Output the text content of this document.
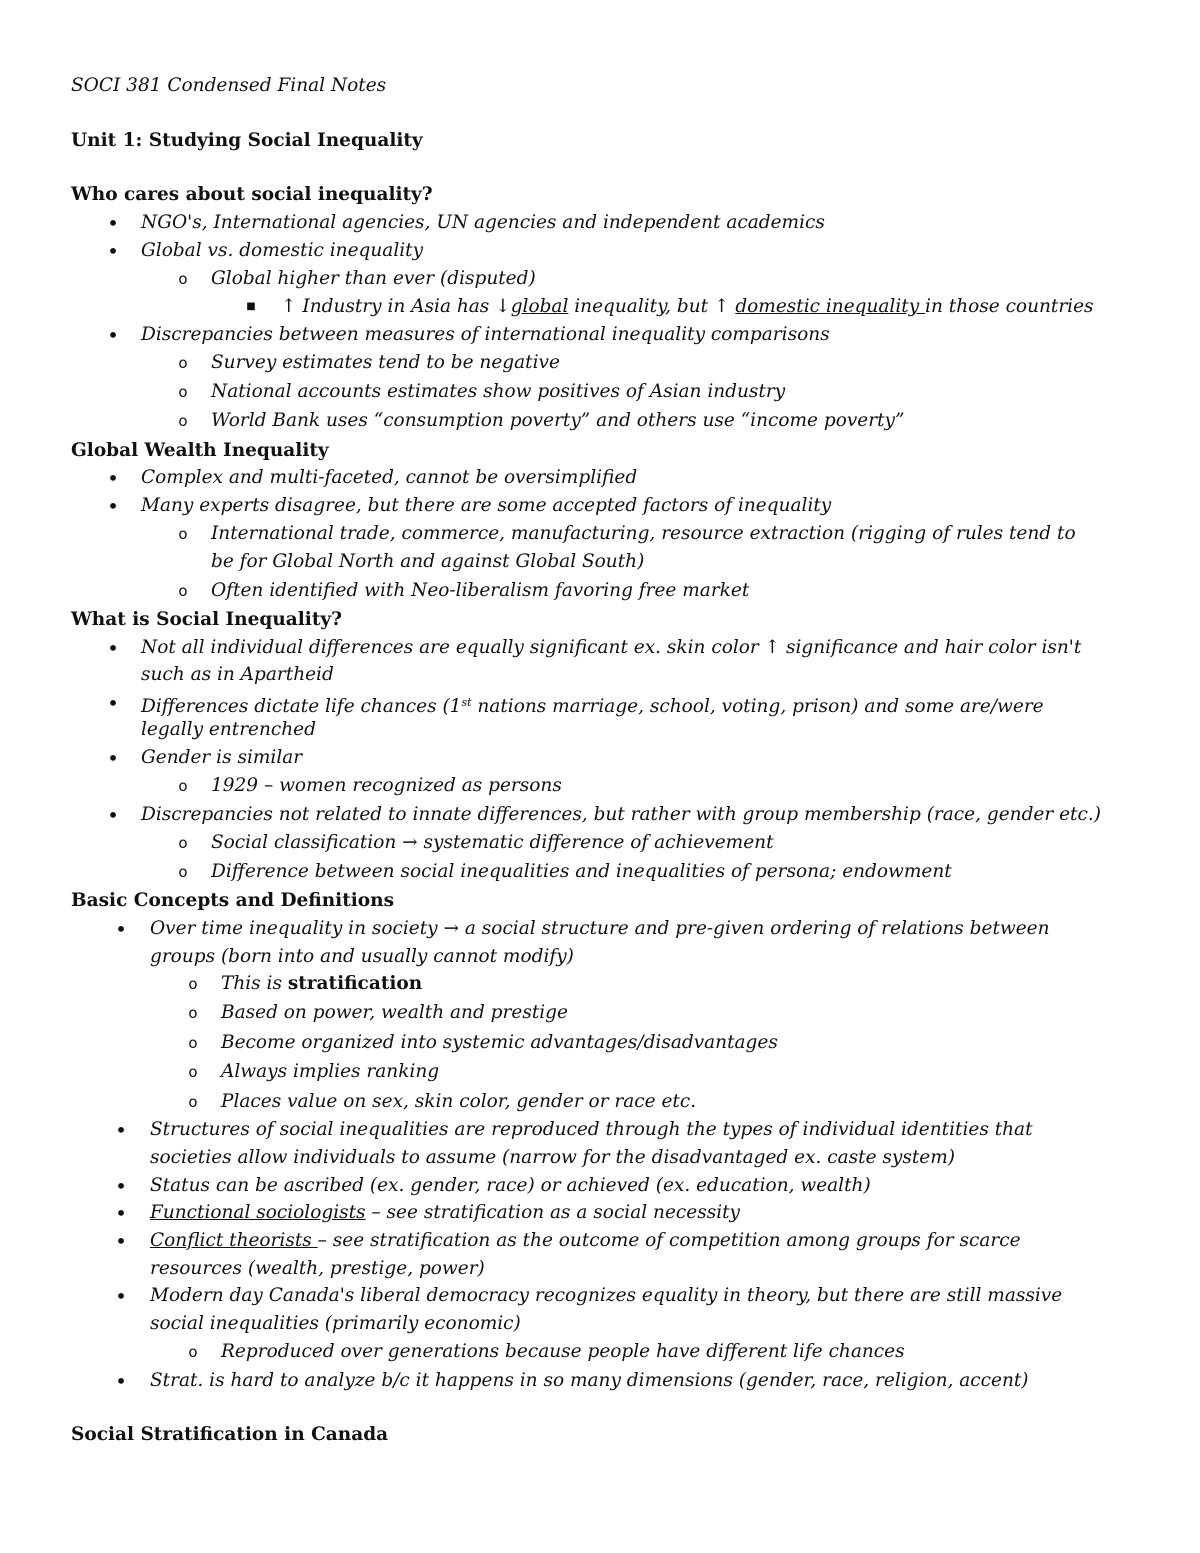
SOCI 381 Condensed Final Notes
Unit 1: Studying Social Inequality
Who cares about social inequality?
• NGO's, International agencies, UN agencies and independent academics
• Global vs. domestic inequality
o Global higher than ever (disputed)
■ ↑ Industry in Asia has ↓global inequality, but ↑ domestic inequality in those countries
• Discrepancies between measures of international inequality comparisons
o Survey estimates tend to be negative
o National accounts estimates show positives of Asian industry
o World Bank uses “consumption poverty” and others use “income poverty”
Global Wealth Inequality
• Complex and multi-faceted, cannot be oversimplified
• Many experts disagree, but there are some accepted factors of inequality
o International trade, commerce, manufacturing, resource extraction (rigging of rules tend to
be for Global North and against Global South)
o Often identified with Neo-liberalism favoring free market
What is Social Inequality?
• Not all individual differences are equally significant ex. skin color ↑ significance and hair color isn't
such as in Apartheid
• Differences dictate life chances (1st nations marriage, school, voting, prison) and some are/were
legally entrenched
• Gender is similar
o 1929 – women recognized as persons
• Discrepancies not related to innate differences, but rather with group membership (race, gender etc.)
o Social classification → systematic difference of achievement
o Difference between social inequalities and inequalities of persona; endowment
Basic Concepts and Definitions
• Over time inequality in society → a social structure and pre-given ordering of relations between
groups (born into and usually cannot modify)
o This is stratification
o Based on power, wealth and prestige
o Become organized into systemic advantages/disadvantages
o Always implies ranking
o Places value on sex, skin color, gender or race etc.
• Structures of social inequalities are reproduced through the types of individual identities that
societies allow individuals to assume (narrow for the disadvantaged ex. caste system)
• Status can be ascribed (ex. gender, race) or achieved (ex. education, wealth)
• Functional sociologists – see stratification as a social necessity
• Conflict theorists – see stratification as the outcome of competition among groups for scarce
resources (wealth, prestige, power)
• Modern day Canada's liberal democracy recognizes equality in theory, but there are still massive
social inequalities (primarily economic)
o Reproduced over generations because people have different life chances
• Strat. is hard to analyze b/c it happens in so many dimensions (gender, race, religion, accent)
Social Stratification in Canada
